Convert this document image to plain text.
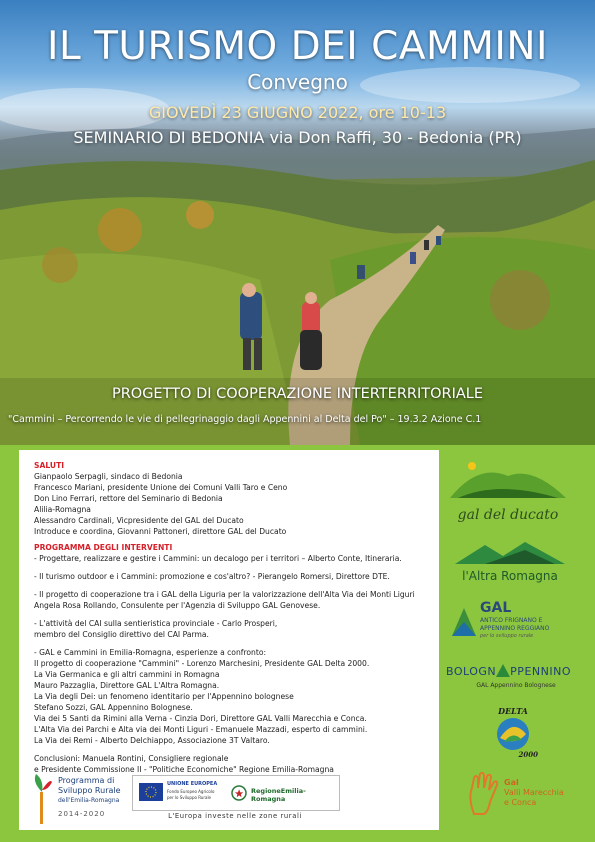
IL TURISMO DEI CAMMINI
Convegno
GIOVEDÌ 23 GIUGNO 2022, ore 10-13
SEMINARIO DI BEDONIA via Don Raffi, 30 - Bedonia (PR)
PROGETTO DI COOPERAZIONE INTERTERRITORIALE
"Cammini – Percorrendo le vie di pellegrinaggio dagli Appennini al Delta del Po" – 19.3.2 Azione C.1

SALUTI

Gianpaolo Serpagli, sindaco di Bedonia

Francesco Mariani, presidente Unione dei Comuni Valli Taro e Ceno

Don Lino Ferrari, rettore del Seminario di Bedonia

Alilia-Romagna

Alessandro Cardinali, Vicpresidente del GAL del Ducato

Introduce e coordina, Giovanni Pattoneri, direttore GAL del Ducato

PROGRAMMA DEGLI INTERVENTI

- Progettare, realizzare e gestire i Cammini: un decalogo per i territori – Alberto Conte, Itineraria.

- Il turismo outdoor e i Cammini: promozione e cos'altro? - Pierangelo Romersi, Direttore DTE.

- Il progetto di cooperazione tra i GAL della Liguria per la valorizzazione dell'Alta Via dei Monti Liguri

Angela Rosa Rollando, Consulente per l'Agenzia di Sviluppo GAL Genovese.

- L'attività del CAI sulla sentieristica provinciale - Carlo Prosperi,

membro del Consiglio direttivo del CAI Parma.

- GAL e Cammini in Emilia-Romagna, esperienze a confronto:

Il progetto di cooperazione "Cammini" - Lorenzo Marchesini, Presidente GAL Delta 2000.

La Via Germanica e gli altri cammini in Romagna

Mauro Pazzaglia, Direttore GAL L'Altra Romagna.

La Via degli Dei: un fenomeno identitario per l'Appennino bolognese

Stefano Sozzi, GAL Appennino Bolognese.

Via dei 5 Santi da Rimini alla Verna - Cinzia Dori, Direttore GAL Valli Marecchia e Conca.

L'Alta Via dei Parchi e Alta via dei Monti Liguri - Emanuele Mazzadi, esperto di cammini.

La Via dei Remi - Alberto Delchiappo, Associazione 3T Valtaro.

Conclusioni: Manuela Rontini, Consigliere regionale

e Presidente Commissione II - "Politiche Economiche" Regione Emilia-Romagna

gal del ducato
l'Altra Romagna
GAL
ANTICO FRIGNANO E
APPENNINO REGGIANO
per lo sviluppo rurale
BOLOGN PPENNINO
GAL Appennino Bolognese
DELTA
2000
Gal
Valli Marecchia
e Conca
Programma di
Sviluppo Rurale
dell'Emilia-Romagna
2014-2020
UNIONE EUROPEA
Fondo Europeo Agricolo
per lo Sviluppo Rurale
RegioneEmilia-Romagna
L'Europa investe nelle zone rurali
